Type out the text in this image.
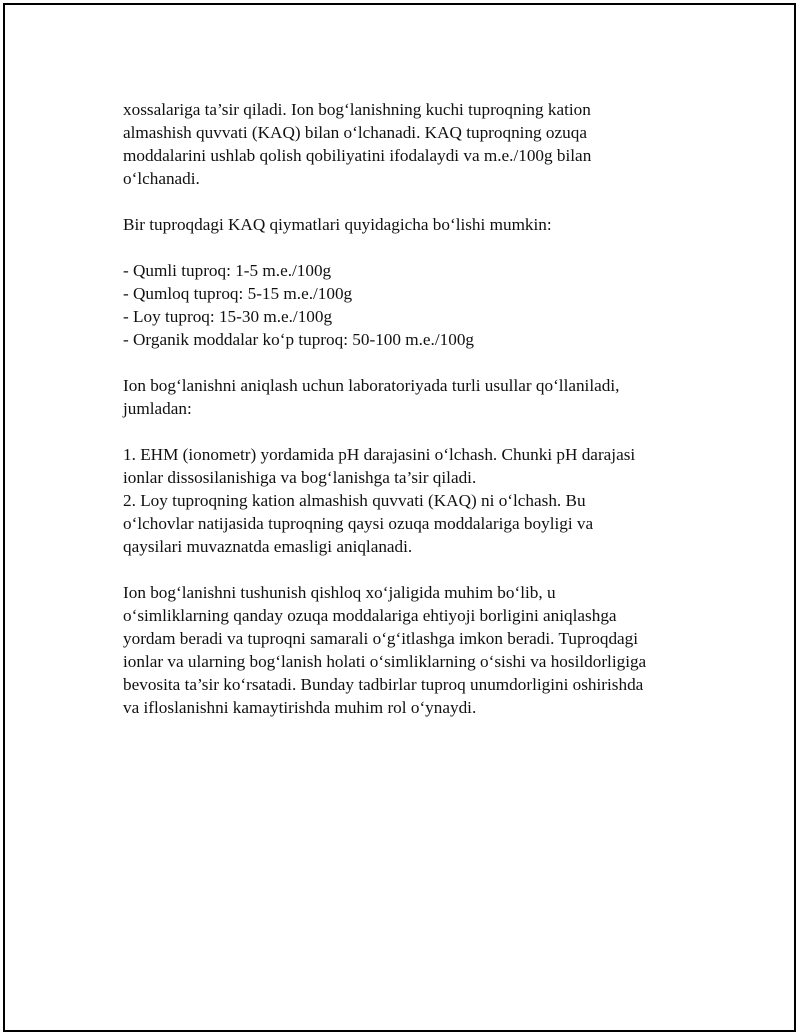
xossalariga ta’sir qiladi. Ion bog‘lanishning kuchi tuproqning kation
almashish quvvati (KAQ) bilan o‘lchanadi. KAQ tuproqning ozuqa
moddalarini ushlab qolish qobiliyatini ifodalaydi va m.e./100g bilan
o‘lchanadi.

Bir tuproqdagi KAQ qiymatlari quyidagicha bo‘lishi mumkin:

- Qumli tuproq: 1-5 m.e./100g
- Qumloq tuproq: 5-15 m.e./100g
- Loy tuproq: 15-30 m.e./100g
- Organik moddalar ko‘p tuproq: 50-100 m.e./100g

Ion bog‘lanishni aniqlash uchun laboratoriyada turli usullar qo‘llaniladi,
jumladan:

1. EHM (ionometr) yordamida pH darajasini o‘lchash. Chunki pH darajasi
ionlar dissosilanishiga va bog‘lanishga ta’sir qiladi.
2. Loy tuproqning kation almashish quvvati (KAQ) ni o‘lchash. Bu
o‘lchovlar natijasida tuproqning qaysi ozuqa moddalariga boyligi va
qaysilari muvaznatda emasligi aniqlanadi.

Ion bog‘lanishni tushunish qishloq xo‘jaligida muhim bo‘lib, u
o‘simliklarning qanday ozuqa moddalariga ehtiyoji borligini aniqlashga
yordam beradi va tuproqni samarali o‘g‘itlashga imkon beradi. Tuproqdagi
ionlar va ularning bog‘lanish holati o‘simliklarning o‘sishi va hosildorligiga
bevosita ta’sir ko‘rsatadi. Bunday tadbirlar tuproq unumdorligini oshirishda
va ifloslanishni kamaytirishda muhim rol o‘ynaydi.
